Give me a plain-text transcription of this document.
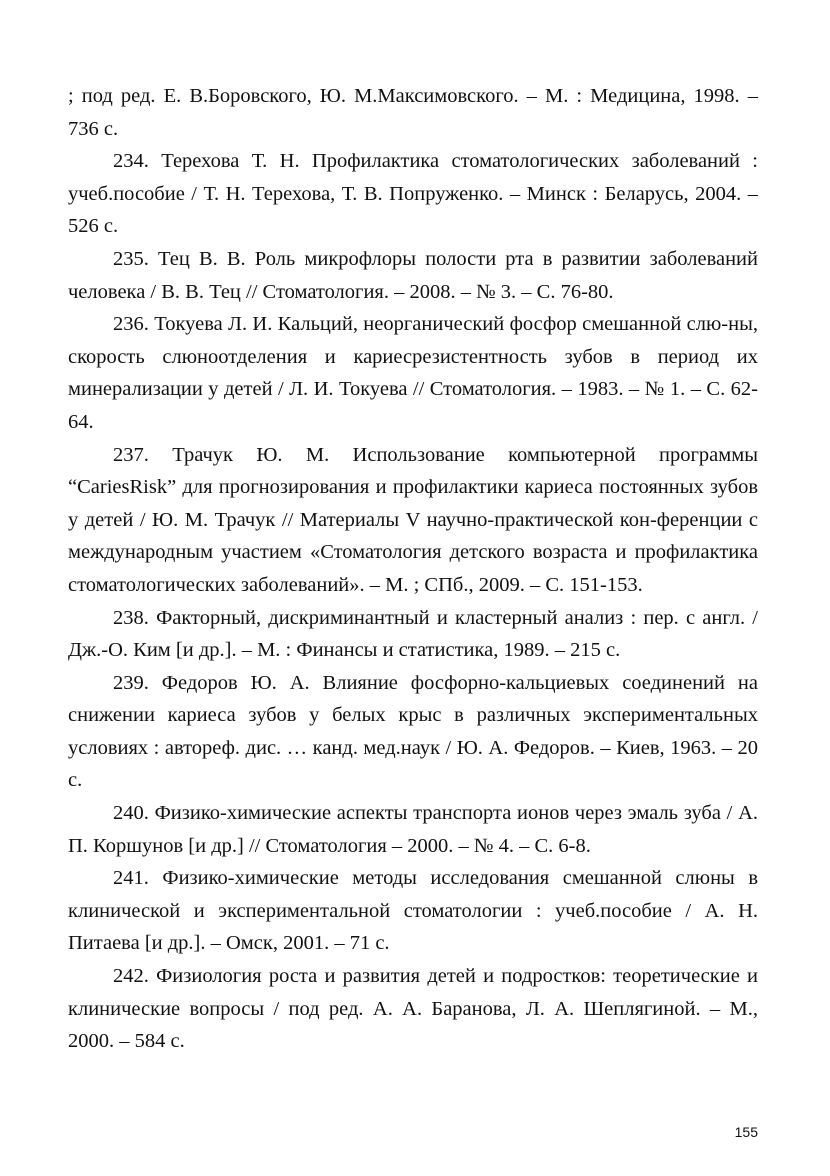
; под ред. Е. В.Боровского, Ю. М.Максимовского. – М. : Медицина, 1998. – 736 с.

234. Терехова Т. Н. Профилактика стоматологических заболеваний : учеб.пособие / Т. Н. Терехова, Т. В. Попруженко. – Минск : Беларусь, 2004. – 526 с.

235. Тец В. В. Роль микрофлоры полости рта в развитии заболеваний человека / В. В. Тец // Стоматология. – 2008. – № 3. – С. 76-80.

236. Токуева Л. И. Кальций, неорганический фосфор смешанной слю-ны, скорость слюноотделения и кариесрезистентность зубов в период их минерализации у детей / Л. И. Токуева // Стоматология. – 1983. – № 1. – С. 62-64.

237. Трачук Ю. М. Использование компьютерной программы “CariesRisk” для прогнозирования и профилактики кариеса постоянных зубов у детей / Ю. М. Трачук // Материалы V научно-практической кон-ференции с международным участием «Стоматология детского возраста и профилактика стоматологических заболеваний». – М. ; СПб., 2009. – С. 151-153.

238. Факторный, дискриминантный и кластерный анализ : пер. с англ. / Дж.-О. Ким [и др.]. – М. : Финансы и статистика, 1989. – 215 с.

239. Федоров Ю. А. Влияние фосфорно-кальциевых соединений на снижении кариеса зубов у белых крыс в различных экспериментальных условиях : автореф. дис. … канд. мед.наук / Ю. А. Федоров. – Киев, 1963. – 20 с.

240. Физико-химические аспекты транспорта ионов через эмаль зуба / А. П. Коршунов [и др.] // Стоматология – 2000. – № 4. – С. 6-8.

241. Физико-химические методы исследования смешанной слюны в клинической и экспериментальной стоматологии : учеб.пособие / А. Н. Питаева [и др.]. – Омск, 2001. – 71 с.

242. Физиология роста и развития детей и подростков: теоретические и клинические вопросы / под ред. А. А. Баранова, Л. А. Шеплягиной. – М., 2000. – 584 с.

155
